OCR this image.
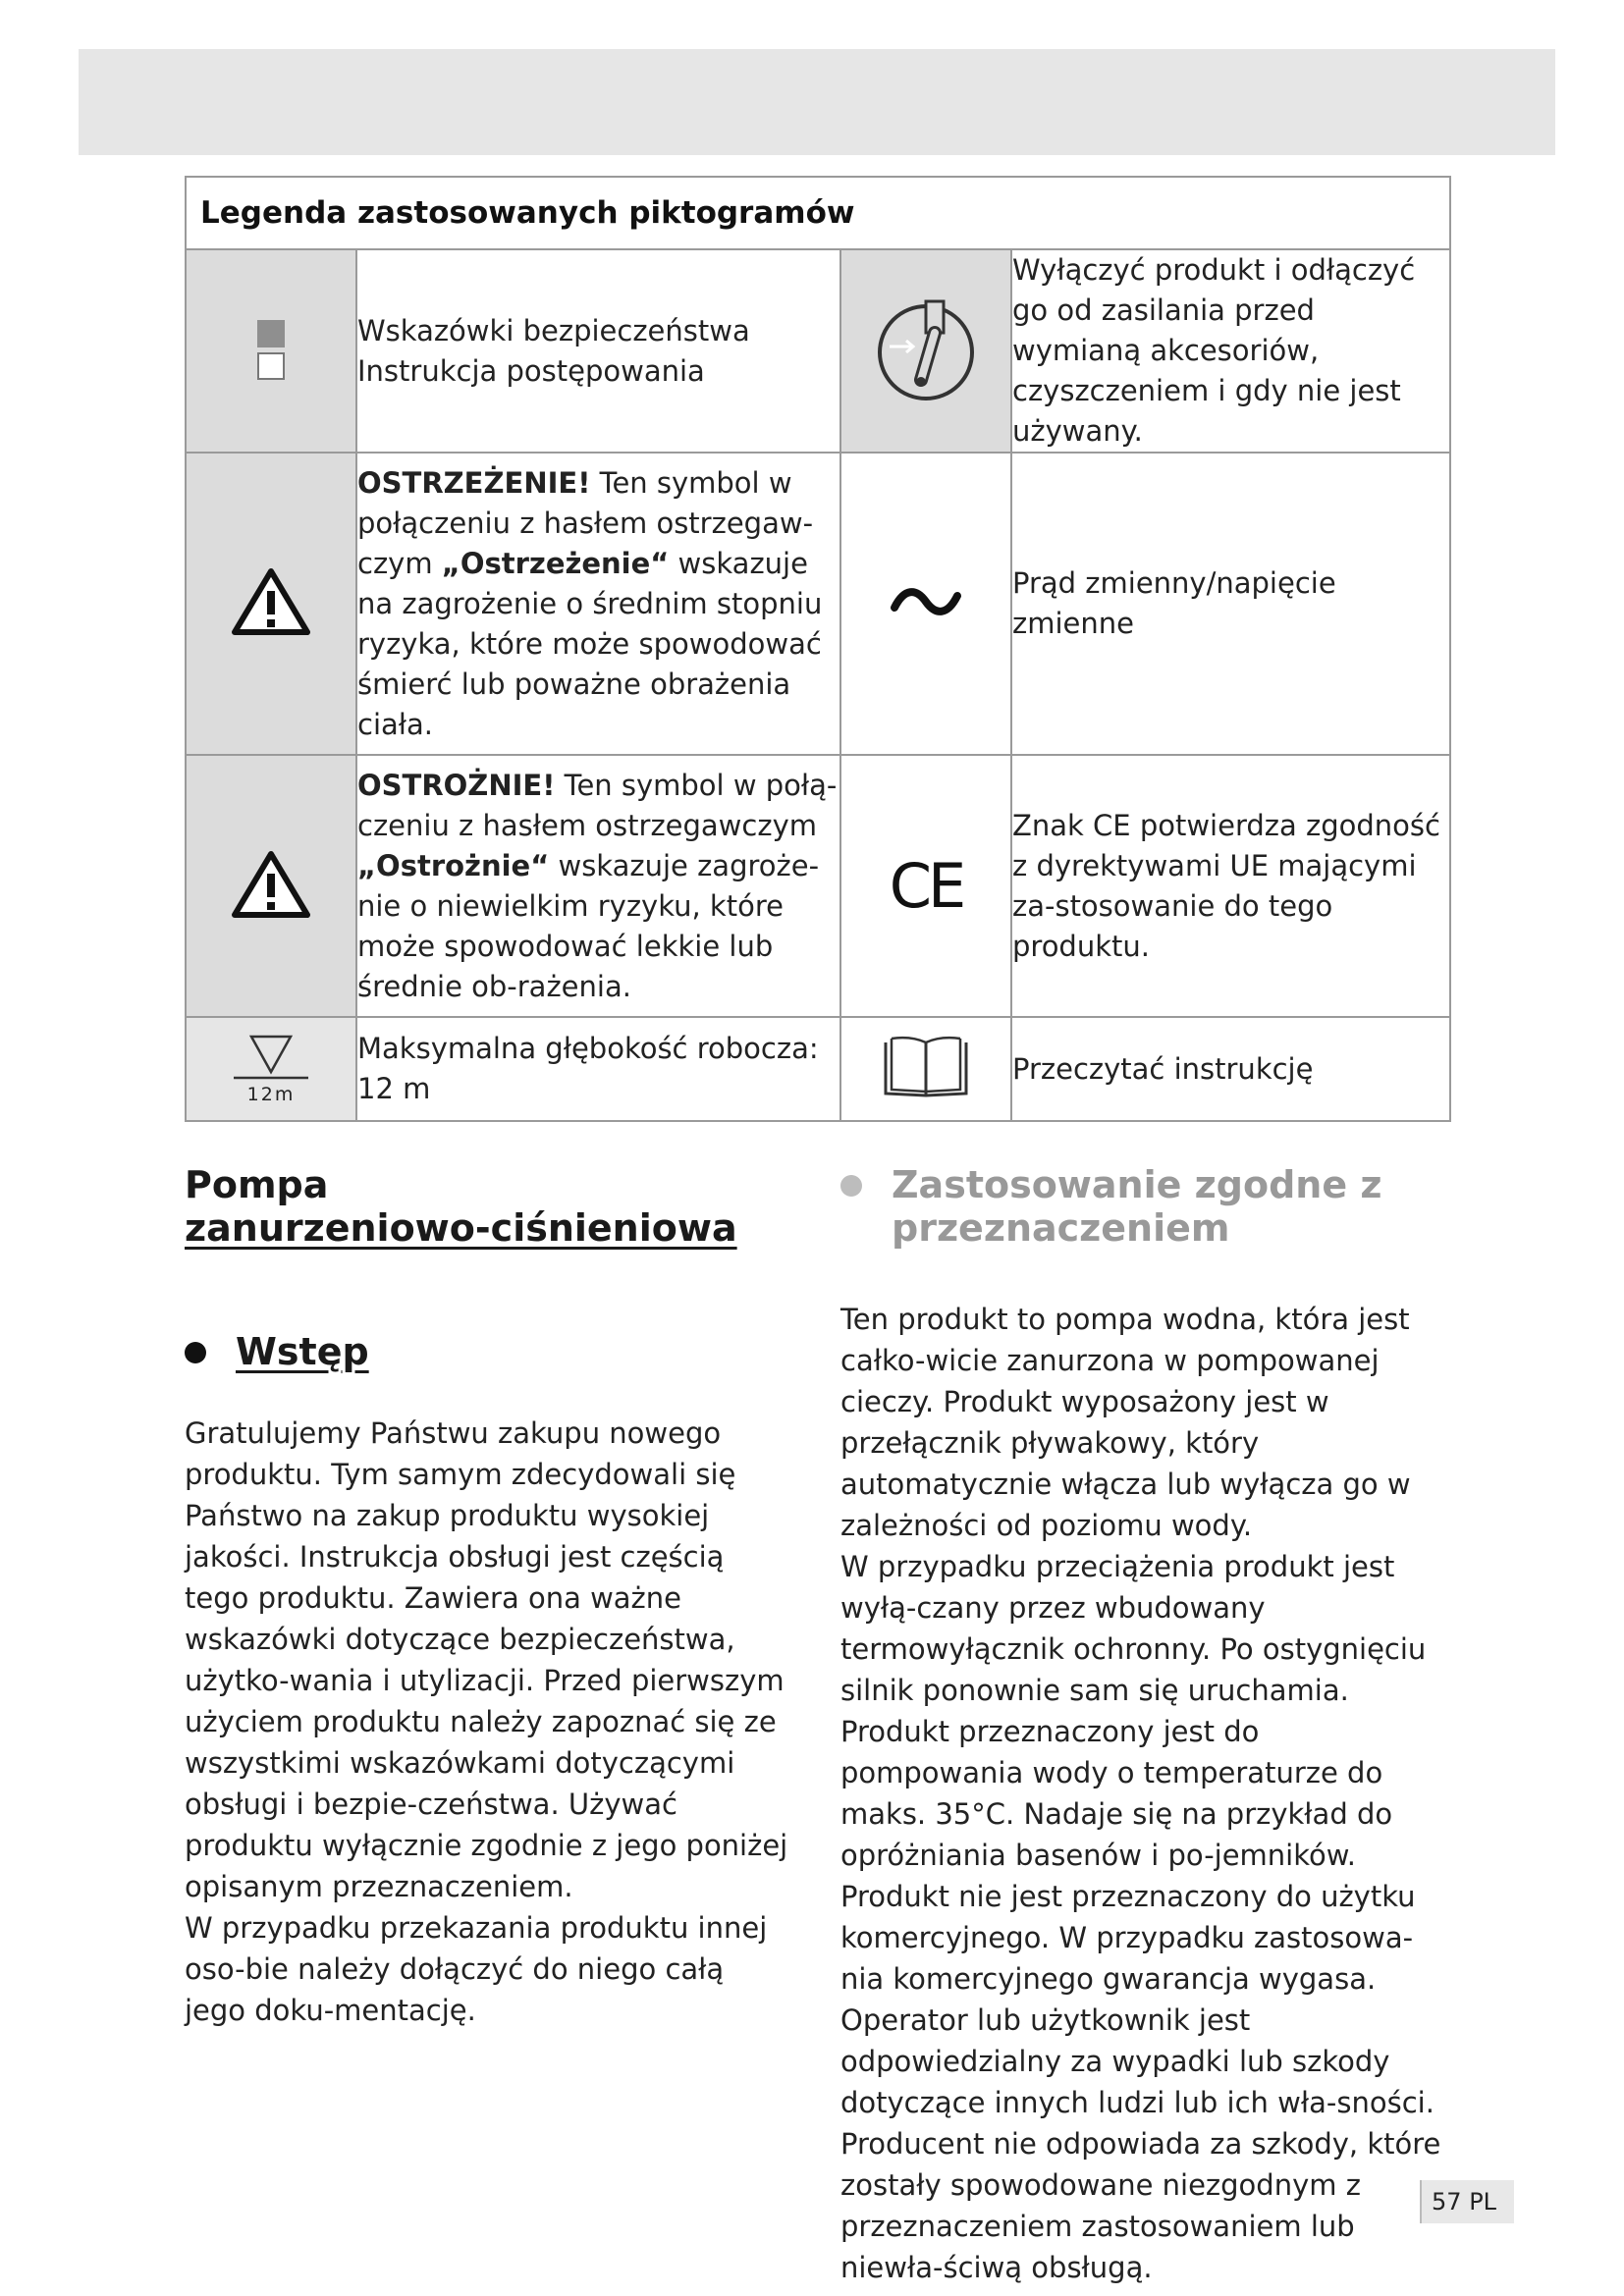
Legenda zastosowanych piktogramów			

Wskazówki bezpieczeństwa
Instrukcja postępowania		Wyłączyć produkt i odłączyć go od zasilania przed wymianą akcesoriów, czyszczeniem i gdy nie jest używany.

	OSTRZEŻENIE! Ten symbol w połączeniu z hasłem ostrzegaw-czym „Ostrzeżenie“ wskazuje na zagrożenie o średnim stopniu ryzyka, które może spowodować śmierć lub poważne obrażenia ciała.		Prąd zmienny/napięcie zmienne

	OSTROŻNIE! Ten symbol w połą-czeniu z hasłem ostrzegawczym „Ostrożnie“ wskazuje zagroże-nie o niewielkim ryzyku, które może spowodować lekkie lub średnie ob-rażenia.	CE	Znak CE potwierdza zgodność z dyrektywami UE mającymi za-stosowanie do tego produktu.

12m	Maksymalna głębokość robocza: 12 m		Przeczytać instrukcję
Pompa
zanurzeniowo-ciśnieniowa
Wstęp

Gratulujemy Państwu zakupu nowego produktu. Tym samym zdecydowali się Państwo na zakup produktu wysokiej jakości. Instrukcja obsługi jest częścią tego produktu. Zawiera ona ważne wskazówki dotyczące bezpieczeństwa, użytko-wania i utylizacji. Przed pierwszym użyciem produktu należy zapoznać się ze wszystkimi wskazówkami dotyczącymi obsługi i bezpie-czeństwa. Używać produktu wyłącznie zgodnie z jego poniżej opisanym przeznaczeniem.

W przypadku przekazania produktu innej oso-bie należy dołączyć do niego całą jego doku-mentację.

Zastosowanie zgodne z przeznaczeniem

Ten produkt to pompa wodna, która jest całko-wicie zanurzona w pompowanej cieczy. Produkt wyposażony jest w przełącznik pływakowy, który automatycznie włącza lub wyłącza go w zależności od poziomu wody.

W przypadku przeciążenia produkt jest wyłą-czany przez wbudowany termowyłącznik ochronny. Po ostygnięciu silnik ponownie sam się uruchamia.

Produkt przeznaczony jest do pompowania wody o temperaturze do maks. 35°C. Nadaje się na przykład do opróżniania basenów i po-jemników. Produkt nie jest przeznaczony do użytku komercyjnego. W przypadku zastosowa-nia komercyjnego gwarancja wygasa. Operator lub użytkownik jest odpowiedzialny za wypadki lub szkody dotyczące innych ludzi lub ich wła-sności. Producent nie odpowiada za szkody, które zostały spowodowane niezgodnym z przeznaczeniem zastosowaniem lub niewła-ściwą obsługą.

57 PL
